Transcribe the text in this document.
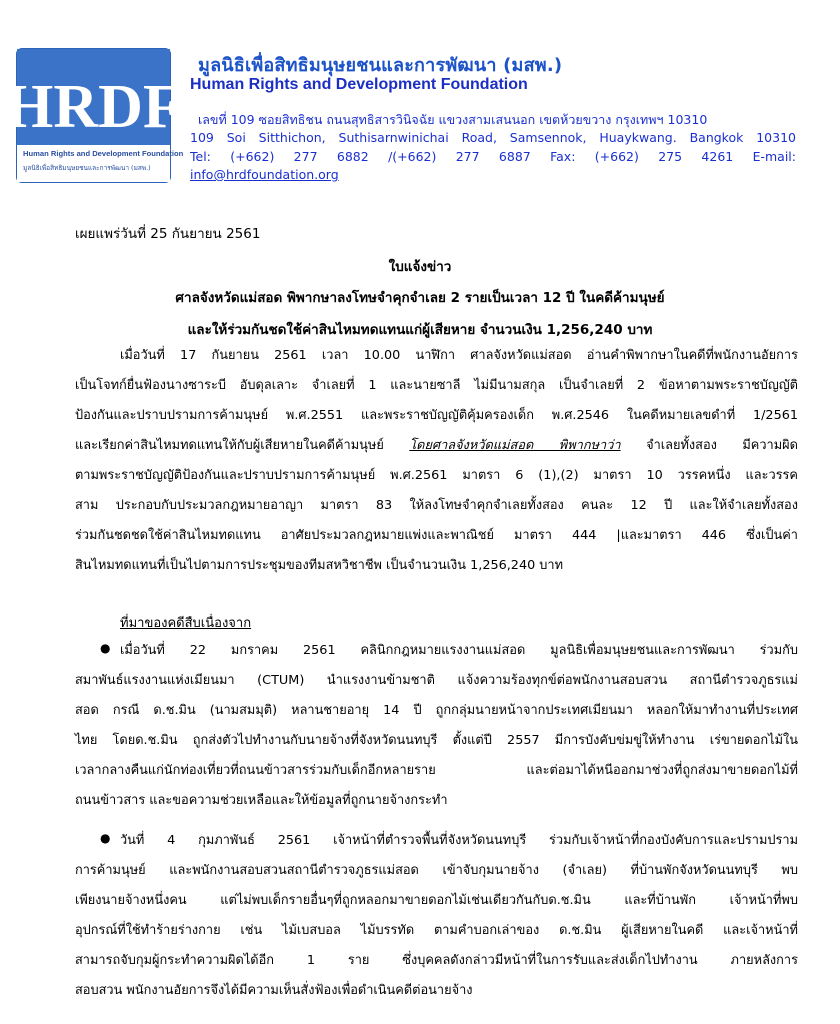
HRDF
Human Rights and Development Foundation
มูลนิธิเพื่อสิทธิมนุษยชนและการพัฒนา (มสพ.)
มูลนิธิเพื่อสิทธิมนุษยชนและการพัฒนา (มสพ.)
Human Rights and Development Foundation
เลขที่ 109 ซอยสิทธิชน ถนนสุทธิสารวินิจฉัย แขวงสามเสนนอก เขตห้วยขวาง กรุงเทพฯ 10310
109 Soi Sitthichon, Suthisarnwinichai Road, Samsennok, Huaykwang. Bangkok 10310
Tel: (+662) 277 6882 /(+662) 277 6887 Fax: (+662) 275 4261 E-mail:
info@hrdfoundation.org
เผยแพร่วันที่ 25 กันยายน 2561
ใบแจ้งข่าว
ศาลจังหวัดแม่สอด พิพากษาลงโทษจำคุกจำเลย 2 รายเป็นเวลา 12 ปี ในคดีค้ามนุษย์
และให้ร่วมกันชดใช้ค่าสินไหมทดแทนแก่ผู้เสียหาย จำนวนเงิน 1,256,240 บาท
เมื่อวันที่ 17 กันยายน 2561 เวลา 10.00 นาฬิกา ศาลจังหวัดแม่สอด อ่านคำพิพากษาในคดีที่พนักงานอัยการ
เป็นโจทก์ยื่นฟ้องนางซาระบี อับดุลเลาะ จำเลยที่ 1 และนายซาลี ไม่มีนามสกุล เป็นจำเลยที่ 2 ข้อหาตามพระราชบัญญัติ
ป้องกันและปราบปรามการค้ามนุษย์ พ.ศ.2551 และพระราชบัญญัติคุ้มครองเด็ก พ.ศ.2546 ในคดีหมายเลขดำที่ 1/2561
และเรียกค่าสินไหมทดแทนให้กับผู้เสียหายในคดีค้ามนุษย์ โดยศาลจังหวัดแม่สอด พิพากษาว่า จำเลยทั้งสอง มีความผิด
ตามพระราชบัญญัติป้องกันและปราบปรามการค้ามนุษย์ พ.ศ.2561 มาตรา 6 (1),(2) มาตรา 10 วรรคหนึ่ง และวรรค
สาม ประกอบกับประมวลกฎหมายอาญา มาตรา 83 ให้ลงโทษจำคุกจำเลยทั้งสอง คนละ 12 ปี และให้จำเลยทั้งสอง
ร่วมกันชดชดใช้ค่าสินไหมทดแทน อาศัยประมวลกฎหมายแพ่งและพาณิชย์ มาตรา 444 |และมาตรา 446 ซึ่งเป็นค่า
สินไหมทดแทนที่เป็นไปตามการประชุมของทีมสหวิชาชีพ เป็นจำนวนเงิน 1,256,240 บาท
ที่มาของคดีสืบเนื่องจาก
● เมื่อวันที่ 22 มกราคม 2561 คลินิกกฎหมายแรงงานแม่สอด มูลนิธิเพื่อมนุษยชนและการพัฒนา ร่วมกับ
สมาพันธ์แรงงานแห่งเมียนมา (CTUM) นำแรงงานข้ามชาติ แจ้งความร้องทุกข์ต่อพนักงานสอบสวน สถานีตำรวจภูธรแม่
สอด กรณี ด.ช.มิน (นามสมมุติ) หลานชายอายุ 14 ปี ถูกกลุ่มนายหน้าจากประเทศเมียนมา หลอกให้มาทำงานที่ประเทศ
ไทย โดยด.ช.มิน ถูกส่งตัวไปทำงานกับนายจ้างที่จังหวัดนนทบุรี ตั้งแต่ปี 2557 มีการบังคับข่มขู่ให้ทำงาน เร่ขายดอกไม้ใน
เวลากลางคืนแก่นักท่องเที่ยวที่ถนนข้าวสารร่วมกับเด็กอีกหลายราย และต่อมาได้หนีออกมาช่วงที่ถูกส่งมาขายดอกไม้ที่
ถนนข้าวสาร และขอความช่วยเหลือและให้ข้อมูลที่ถูกนายจ้างกระทำ
● วันที่ 4 กุมภาพันธ์ 2561 เจ้าหน้าที่ตำรวจพื้นที่จังหวัดนนทบุรี ร่วมกับเจ้าหน้าที่กองบังคับการและปรามปราม
การค้ามนุษย์ และพนักงานสอบสวนสถานีตำรวจภูธรแม่สอด เข้าจับกุมนายจ้าง (จำเลย) ที่บ้านพักจังหวัดนนทบุรี พบ
เพียงนายจ้างหนึ่งคน แต่ไม่พบเด็กรายอื่นๆที่ถูกหลอกมาขายดอกไม้เช่นเดียวกันกับด.ช.มิน และที่บ้านพัก เจ้าหน้าที่พบ
อุปกรณ์ที่ใช้ทำร้ายร่างกาย เช่น ไม้เบสบอล ไม้บรรทัด ตามคำบอกเล่าของ ด.ช.มิน ผู้เสียหายในคดี และเจ้าหน้าที่
สามารถจับกุมผู้กระทำความผิดได้อีก 1 ราย ซึ่งบุคคลดังกล่าวมีหน้าที่ในการรับและส่งเด็กไปทำงาน ภายหลังการ
สอบสวน พนักงานอัยการจึงได้มีความเห็นสั่งฟ้องเพื่อดำเนินคดีต่อนายจ้าง
